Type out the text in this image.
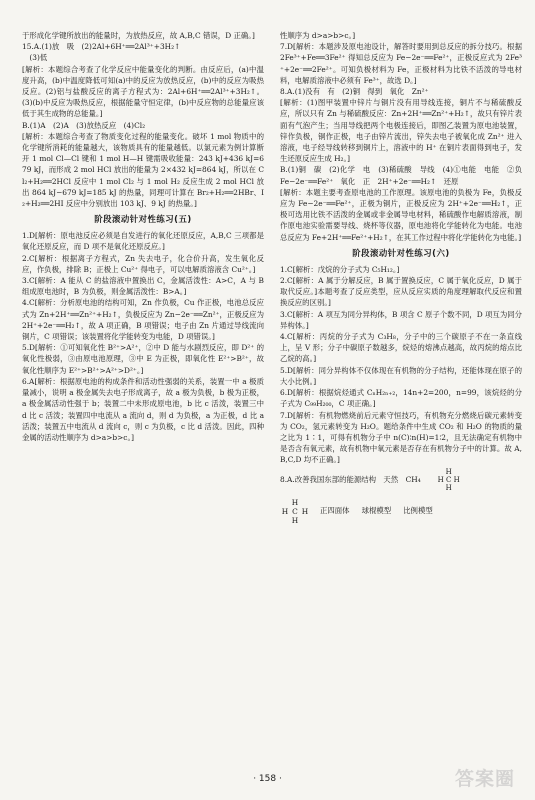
于形成化学键所放出的能量时，为放热反应，故 A,B,C 错误，D 正确。]

15.A.(1)放　吸　(2)2Al+6H⁺══2Al³⁺+3H₂↑

(3)低

[解析：本题综合考查了化学反应中能量变化的判断。由反应后，(a)中温度升高，(b)中温度降低可知(a)中的反应为放热反应，(b)中的反应为吸热反应。(2)铝与盐酸反应的离子方程式为：2Al+6H⁺══2Al³⁺+3H₂↑。(3)(b)中反应为吸热反应，根据能量守恒定律，(b)中反应物的总能量应该低于其生成物的总能量。]

B.(1)A　(2)A　(3)放热反应　(4)Cl₂

[解析：本题综合考查了物质变化过程的能量变化。破坏 1 mol 物质中的化学键所消耗的能量越大，该物质具有的能量越低。以氯元素为例计算断开 1 mol Cl—Cl 键和 1 mol H—H 键需吸收能量：243 kJ+436 kJ=679 kJ，而形成 2 mol HCl 放出的能量为 2×432 kJ=864 kJ，所以在 Cl₂+H₂══2HCl 反应中 1 mol Cl₂ 与 1 mol H₂ 反应生成 2 mol HCl 放出 864 kJ−679 kJ=185 kJ 的热量，同理可计算在 Br₂+H₂══2HBr、I₂+H₂══2HI 反应中分别放出 103 kJ、9 kJ 的热量。]

阶段滚动针对性练习(五)

1.D[解析：原电池反应必须是自发进行的氧化还原反应，A,B,C 三项都是氧化还原反应，而 D 项不是氧化还原反应。]

2.C[解析：根据离子方程式，Zn 失去电子，化合价升高，发生氧化反应，作负极，排除 B；正极上 Cu²⁺ 得电子，可以电解质溶液含 Cu²⁺。]

3.C[解析：A 能从 C 的盐溶液中置换出 C，金属活泼性：A>C，A 与 B 组成原电池时，B 为负极，则金属活泼性：B>A。]

4.C[解析：分析原电池的结构可知，Zn 作负极，Cu 作正极，电池总反应式为 Zn+2H⁺══Zn²⁺+H₂↑，负极反应为 Zn−2e⁻══Zn²⁺，正极反应为 2H⁺+2e⁻══H₂↑，故 A 项正确，B 项错误；电子由 Zn 片通过导线流向铜片，C 项错误；该装置将化学能转变为电能，D 项错误。]

5.D[解析：①可知氧化性 B²⁺>A²⁺，②中 D 能与水剧烈反应，即 D²⁺ 的氧化性极弱，③由原电池原理，③中 E 为正极，即氧化性 E²⁺>B²⁺，故氧化性顺序为 E²⁺>B²⁺>A²⁺>D²⁺。]

6.A[解析：根据原电池的构成条件和活动性强弱的关系，装置一中 a 极质量减小，说明 a 极金属失去电子形成离子，故 a 极为负极，b 极为正极，a 极金属活动性强于 b；装置二中未形成原电池，b 比 c 活泼，装置三中 d 比 c 活泼；装置四中电流从 a 流向 d，则 d 为负极，a 为正极，d 比 a 活泼；装置五中电流从 d 流向 c，则 c 为负极，c 比 d 活泼。因此，四种金属的活动性顺序为 d>a>b>c。]

性顺序为 d>a>b>c。]

7.D[解析：本题涉及原电池设计，解答时要用到总反应的拆分技巧。根据 2Fe³⁺+Fe══3Fe²⁺ 得知总反应为 Fe−2e⁻══Fe²⁺，正极反应式为 2Fe³⁺+2e⁻══2Fe²⁺。可知负极材料为 Fe，正极材料为比铁不活泼的导电材料，电解质溶液中必须有 Fe³⁺，故选 D。]

8.A.(1)没有　有　(2)铜　得到　氧化　Zn²⁺

[解析：(1)图甲装置中锌片与铜片没有用导线连接，铜片不与稀硫酸反应，所以只有 Zn 与稀硫酸反应：Zn+2H⁺══Zn²⁺+H₂↑，故只有锌片表面有气泡产生；当用导线把两个电极连接后，即图乙装置为原电池装置，锌作负极，铜作正极，电子由锌片流出，锌失去电子被氧化成 Zn²⁺ 进入溶液，电子经导线转移到铜片上，溶液中的 H⁺ 在铜片表面得到电子，发生还原反应生成 H₂。]

B.(1)铜　碳　(2)化学　电　(3)稀硫酸　导线　(4)①电能　电能　②负　Fe−2e⁻══Fe²⁺　氧化　正　2H⁺+2e⁻══H₂↑　还原

[解析：本题主要考查原电池的工作原理。该原电池的负极为 Fe，负极反应为 Fe−2e⁻══Fe²⁺，正极为铜片，正极反应为 2H⁺+2e⁻══H₂↑，正极可选用比铁不活泼的金属或非金属导电材料，稀硫酸作电解质溶液，制作原电池实验需要导线、烧杯等仪器，原电池将化学能转化为电能。电池总反应为 Fe+2H⁺══Fe²⁺+H₂↑，在其工作过程中将化学能转化为电能。]

阶段滚动针对性练习(六)

1.C[解析：戊烷的分子式为 C₅H₁₂。]

2.C[解析：A 属于分解反应，B 属于置换反应，C 属于氧化反应，D 属于取代反应。]本题考查了反应类型，应从反应实质的角度理解取代反应和置换反应的区别。]

3.C[解析：A 项互为同分异构体，B 项含 C 原子个数不同，D 项互为同分异构体。]

4.C[解析：丙烷的分子式为 C₃H₈，分子中的三个碳原子不在一条直线上，呈 V 形；分子中碳原子数越多，烷烃的熔沸点越高，故丙烷的熔点比乙烷的高。]

5.D[解析：同分异构体不仅体现在有机物的分子结构，还能体现在原子的大小比例。]

6.D[解析：根据烷烃通式 CₙH₂ₙ₊₂，14n+2=200，n=99，该烷烃的分子式为 C₉₉H₂₀₀，C 项正确。]

7.D[解析：有机物燃烧前后元素守恒技巧，有机物充分燃烧后碳元素转变为 CO₂，氢元素转变为 H₂O。题给条件中生成 CO₂ 和 H₂O 的物质的量之比为 1∶1，可得有机物分子中 n(C)∶n(H)=1∶2，且无法确定有机物中是否含有氧元素，故有机物中氧元素是否存在有机物分子中的计算。故 A,B,C,D 均不正确。]

8.A.改善我国东部的能源结构　天然　CH₄
H
H C H
H
H
H C H
H
正四面体 球棍模型 比例模型
· 158 ·	答案圈
